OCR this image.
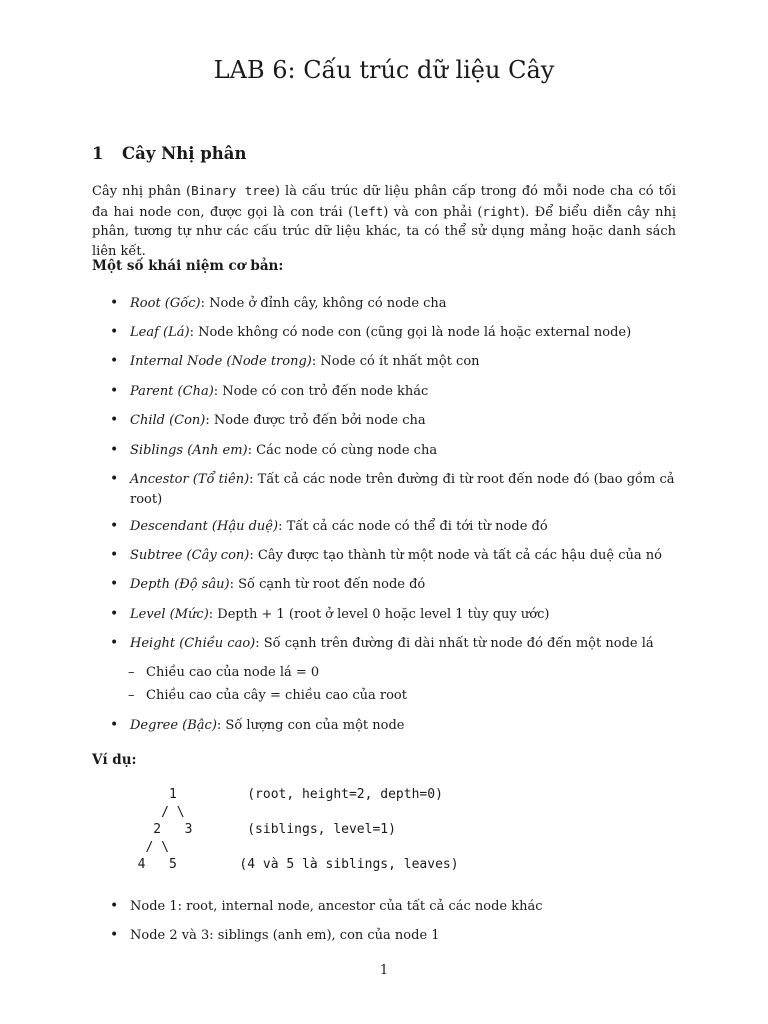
LAB 6: Cấu trúc dữ liệu Cây
1 Cây Nhị phân

Cây nhị phân (Binary tree) là cấu trúc dữ liệu phân cấp trong đó mỗi node cha có tối đa hai node con, được gọi là con trái (left) và con phải (right). Để biểu diễn cây nhị phân, tương tự như các cấu trúc dữ liệu khác, ta có thể sử dụng mảng hoặc danh sách liên kết.

Một số khái niệm cơ bản:

• Root (Gốc): Node ở đỉnh cây, không có node cha
• Leaf (Lá): Node không có node con (cũng gọi là node lá hoặc external node)
• Internal Node (Node trong): Node có ít nhất một con
• Parent (Cha): Node có con trỏ đến node khác
• Child (Con): Node được trỏ đến bởi node cha
• Siblings (Anh em): Các node có cùng node cha
• Ancestor (Tổ tiên): Tất cả các node trên đường đi từ root đến node đó (bao gồm cả root)
• Descendant (Hậu duệ): Tất cả các node có thể đi tới từ node đó
• Subtree (Cây con): Cây được tạo thành từ một node và tất cả các hậu duệ của nó
• Depth (Độ sâu): Số cạnh từ root đến node đó
• Level (Mức): Depth + 1 (root ở level 0 hoặc level 1 tùy quy ước)
• Height (Chiều cao): Số cạnh trên đường đi dài nhất từ node đó đến một node lá
– Chiều cao của node lá = 0
– Chiều cao của cây = chiều cao của root
• Degree (Bậc): Số lượng con của một node

Ví dụ:

1         (root, height=2, depth=0)
/ \
2   3       (siblings, level=1)
/ \
4   5        (4 và 5 là siblings, leaves)
• Node 1: root, internal node, ancestor của tất cả các node khác
• Node 2 và 3: siblings (anh em), con của node 1
1
